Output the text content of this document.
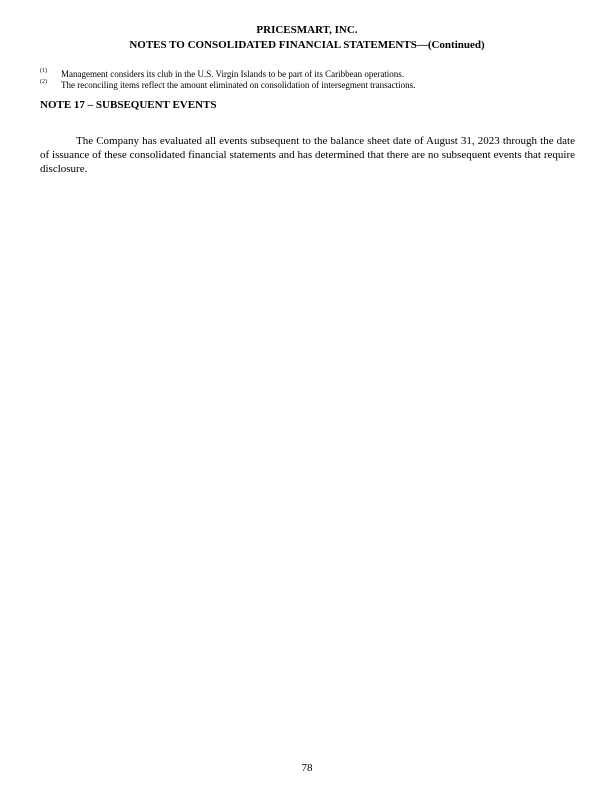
PRICESMART, INC.
NOTES TO CONSOLIDATED FINANCIAL STATEMENTS—(Continued)
(1) Management considers its club in the U.S. Virgin Islands to be part of its Caribbean operations.
(2) The reconciling items reflect the amount eliminated on consolidation of intersegment transactions.
NOTE 17 – SUBSEQUENT EVENTS

The Company has evaluated all events subsequent to the balance sheet date of August 31, 2023 through the date of issuance of these consolidated financial statements and has determined that there are no subsequent events that require disclosure.

78
